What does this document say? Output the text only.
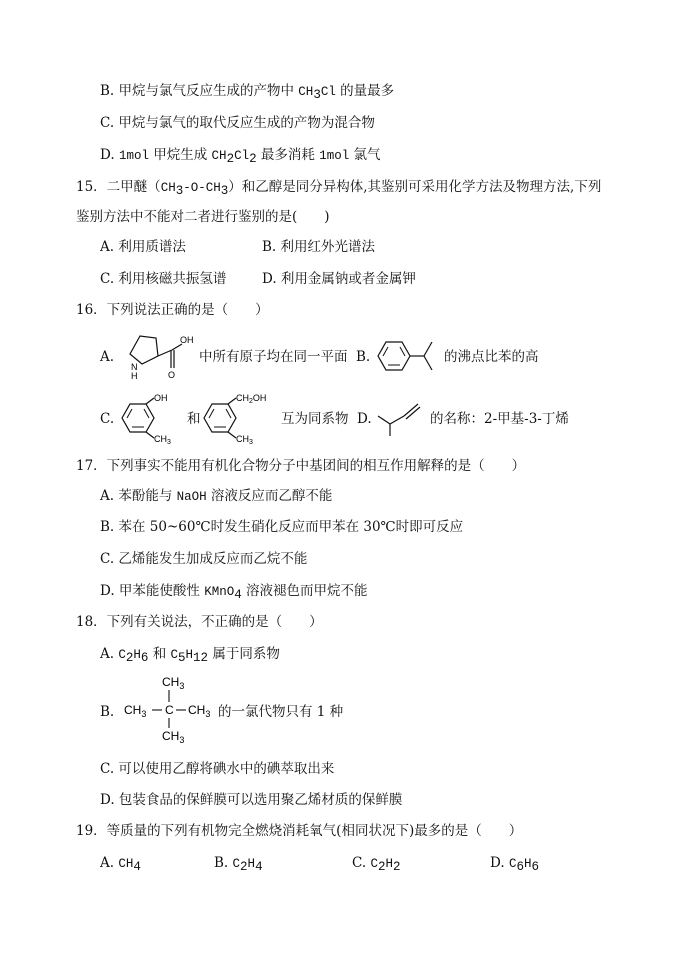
B. 甲烷与氯气反应生成的产物中 $CH_3Cl$ 的量最多
C. 甲烷与氯气的取代反应生成的产物为混合物
D. 1mol 甲烷生成 $CH_2Cl_2$ 最多消耗 1mol 氯气
15．二甲醚$(CH_3-O-CH_3)$和乙醇是同分异构体,其鉴别可采用化学方法及物理方法,下列
鉴别方法中不能对二者进行鉴别的是(　　)
A. 利用质谱法	B. 利用红外光谱法
C. 利用核磁共振氢谱	D. 利用金属钠或者金属钾
16．下列说法正确的是（　　）
A.
N
H
OH
O
中所有原子均在同一平面 B.	的沸点比苯的高
C.
OH
$CH_3$
和
$CH_2OH$
$CH_3$
互为同系物 D.	的名称：2-甲基-3-丁烯
17．下列事实不能用有机化合物分子中基团间的相互作用解释的是（　　）
A. 苯酚能与 NaOH 溶液反应而乙醇不能
B. 苯在 50~60℃时发生硝化反应而甲苯在 30℃时即可反应
C. 乙烯能发生加成反应而乙烷不能
D. 甲苯能使酸性 KMnO$_4$ 溶液褪色而甲烷不能
18．下列有关说法，不正确的是（　　）
A. $C_2H_6$ 和 $C_5H_{12}$ 属于同系物
B.
$CH_3$
$CH_3$ C $CH_3$
$CH_3$
的一氯代物只有 1 种
C. 可以使用乙醇将碘水中的碘萃取出来
D. 包装食品的保鲜膜可以选用聚乙烯材质的保鲜膜
19．等质量的下列有机物完全燃烧消耗氧气(相同状况下)最多的是（　　）
A. $CH_4$	B. $C_2H_4$	C. $C_2H_2$	D. $C_6H_6$
